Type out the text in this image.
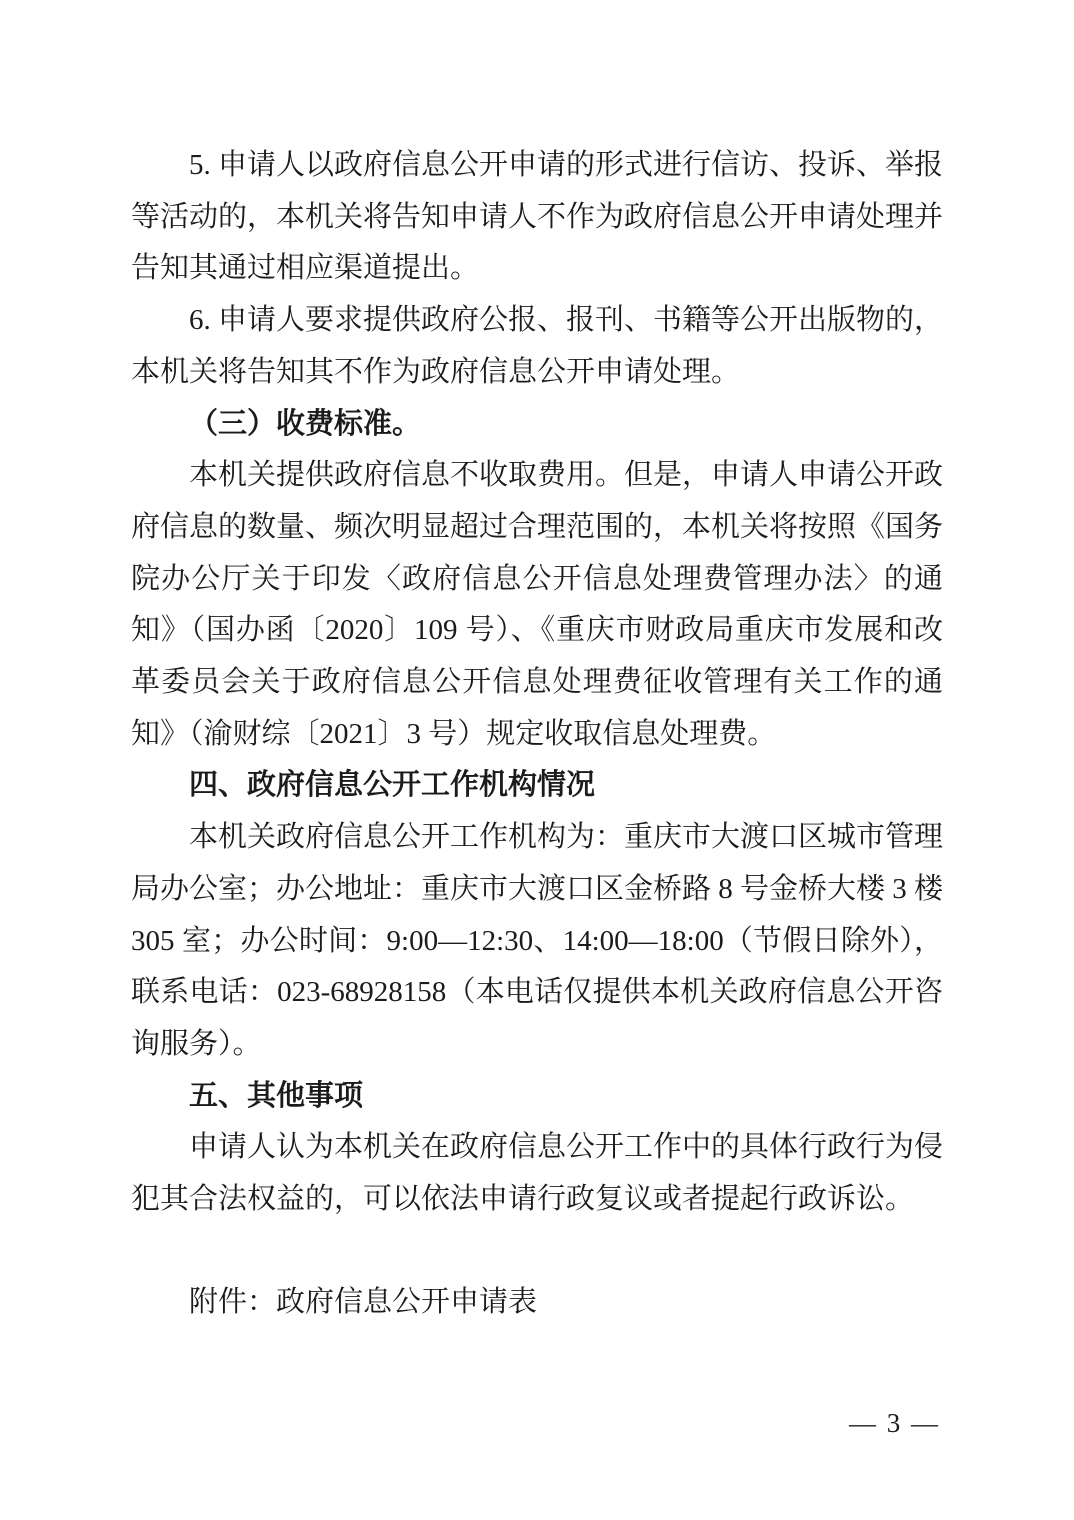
5. 申请人以政府信息公开申请的形式进行信访、投诉、举报等活动的，本机关将告知申请人不作为政府信息公开申请处理并告知其通过相应渠道提出。

6. 申请人要求提供政府公报、报刊、书籍等公开出版物的，本机关将告知其不作为政府信息公开申请处理。

（三）收费标准。

本机关提供政府信息不收取费用。但是，申请人申请公开政府信息的数量、频次明显超过合理范围的，本机关将按照《国务院办公厅关于印发〈政府信息公开信息处理费管理办法〉的通知》（国办函〔2020〕109 号）、《重庆市财政局重庆市发展和改革委员会关于政府信息公开信息处理费征收管理有关工作的通知》（渝财综〔2021〕3 号）规定收取信息处理费。

四、政府信息公开工作机构情况

本机关政府信息公开工作机构为：重庆市大渡口区城市管理局办公室；办公地址：重庆市大渡口区金桥路 8 号金桥大楼 3 楼 305 室；办公时间：9:00—12:30、14:00—18:00（节假日除外），联系电话：023-68928158（本电话仅提供本机关政府信息公开咨询服务）。

五、其他事项

申请人认为本机关在政府信息公开工作中的具体行政行为侵犯其合法权益的，可以依法申请行政复议或者提起行政诉讼。

附件：政府信息公开申请表

— 3 —
